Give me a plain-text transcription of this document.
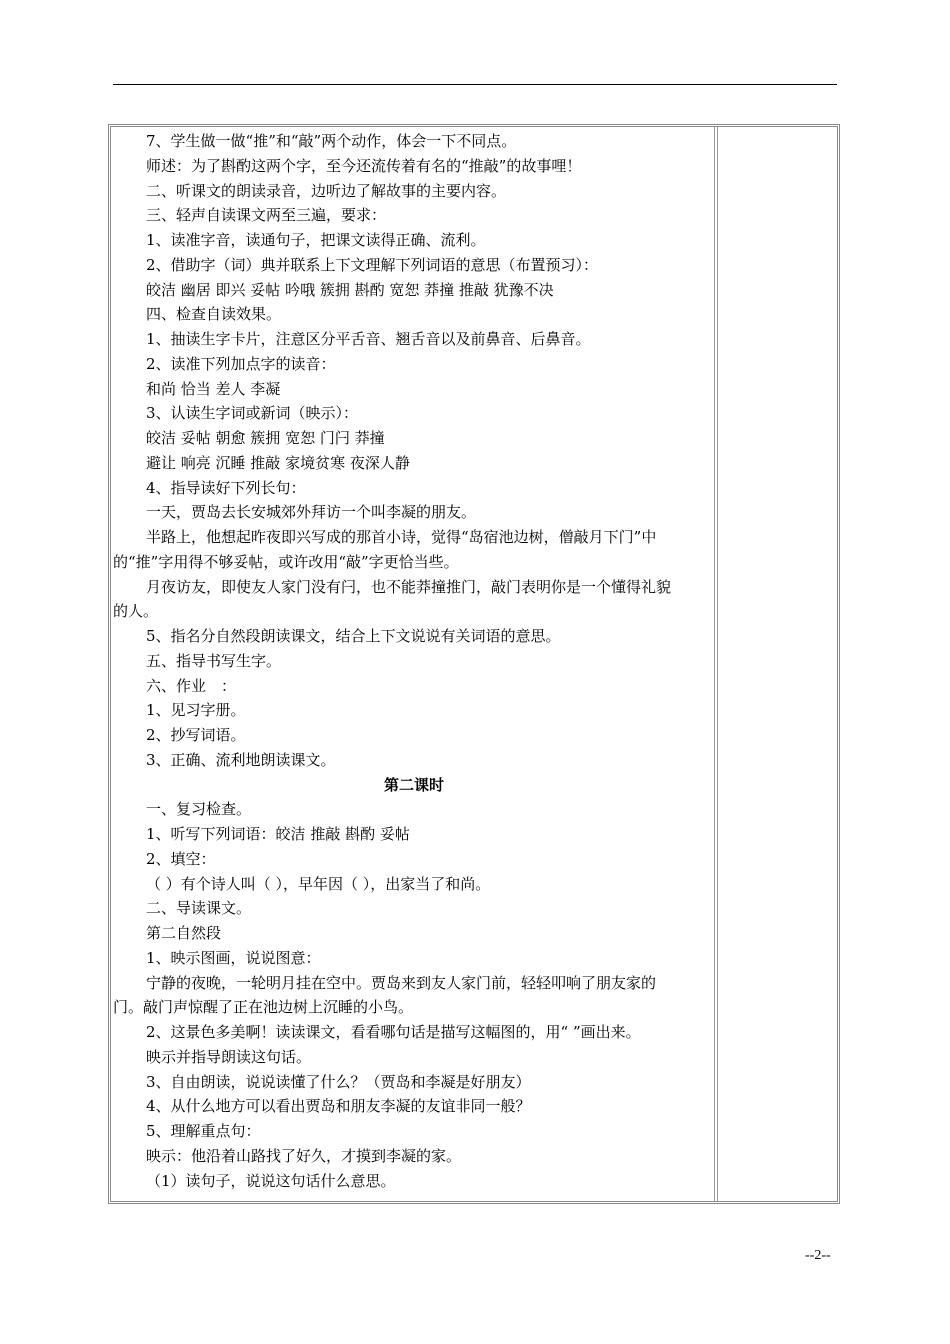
7、学生做一做“推”和“敲”两个动作，体会一下不同点。
师述：为了斟酌这两个字，至今还流传着有名的“推敲”的故事哩！
二、听课文的朗读录音，边听边了解故事的主要内容。
三、轻声自读课文两至三遍，要求：
1、读准字音，读通句子，把课文读得正确、流利。
2、借助字（词）典并联系上下文理解下列词语的意思（布置预习）：
皎洁 幽居 即兴 妥帖 吟哦 簇拥 斟酌 宽恕 莽撞 推敲 犹豫不决
四、检查自读效果。
1、抽读生字卡片，注意区分平舌音、翘舌音以及前鼻音、后鼻音。
2、读准下列加点字的读音：
和尚 恰当 差人 李凝
3、认读生字词或新词（映示）：
皎洁 妥帖 朝愈 簇拥 宽恕 门闩 莽撞
避让 响亮 沉睡 推敲 家境贫寒 夜深人静
4、指导读好下列长句：
一天，贾岛去长安城郊外拜访一个叫李凝的朋友。
半路上，他想起昨夜即兴写成的那首小诗，觉得“岛宿池边树，僧敲月下门”中
的“推”字用得不够妥帖，或许改用“敲”字更恰当些。
月夜访友，即使友人家门没有闩，也不能莽撞推门，敲门表明你是一个懂得礼貌
的人。
5、指名分自然段朗读课文，结合上下文说说有关词语的意思。
五、指导书写生字。
六、作业　：
1、见习字册。
2、抄写词语。
3、正确、流利地朗读课文。
第二课时
一、复习检查。
1、听写下列词语：皎洁 推敲 斟酌 妥帖
2、填空：
（ ）有个诗人叫（ ），早年因（ ），出家当了和尚。
二、导读课文。
第二自然段
1、映示图画，说说图意：
宁静的夜晚，一轮明月挂在空中。贾岛来到友人家门前，轻轻叩响了朋友家的
门。敲门声惊醒了正在池边树上沉睡的小鸟。
2、这景色多美啊！读读课文，看看哪句话是描写这幅图的，用“ ”画出来。
映示并指导朗读这句话。
3、自由朗读，说说读懂了什么？（贾岛和李凝是好朋友）
4、从什么地方可以看出贾岛和朋友李凝的友谊非同一般？
5、理解重点句：
映示：他沿着山路找了好久，才摸到李凝的家。
（1）读句子，说说这句话什么意思。
--2--
